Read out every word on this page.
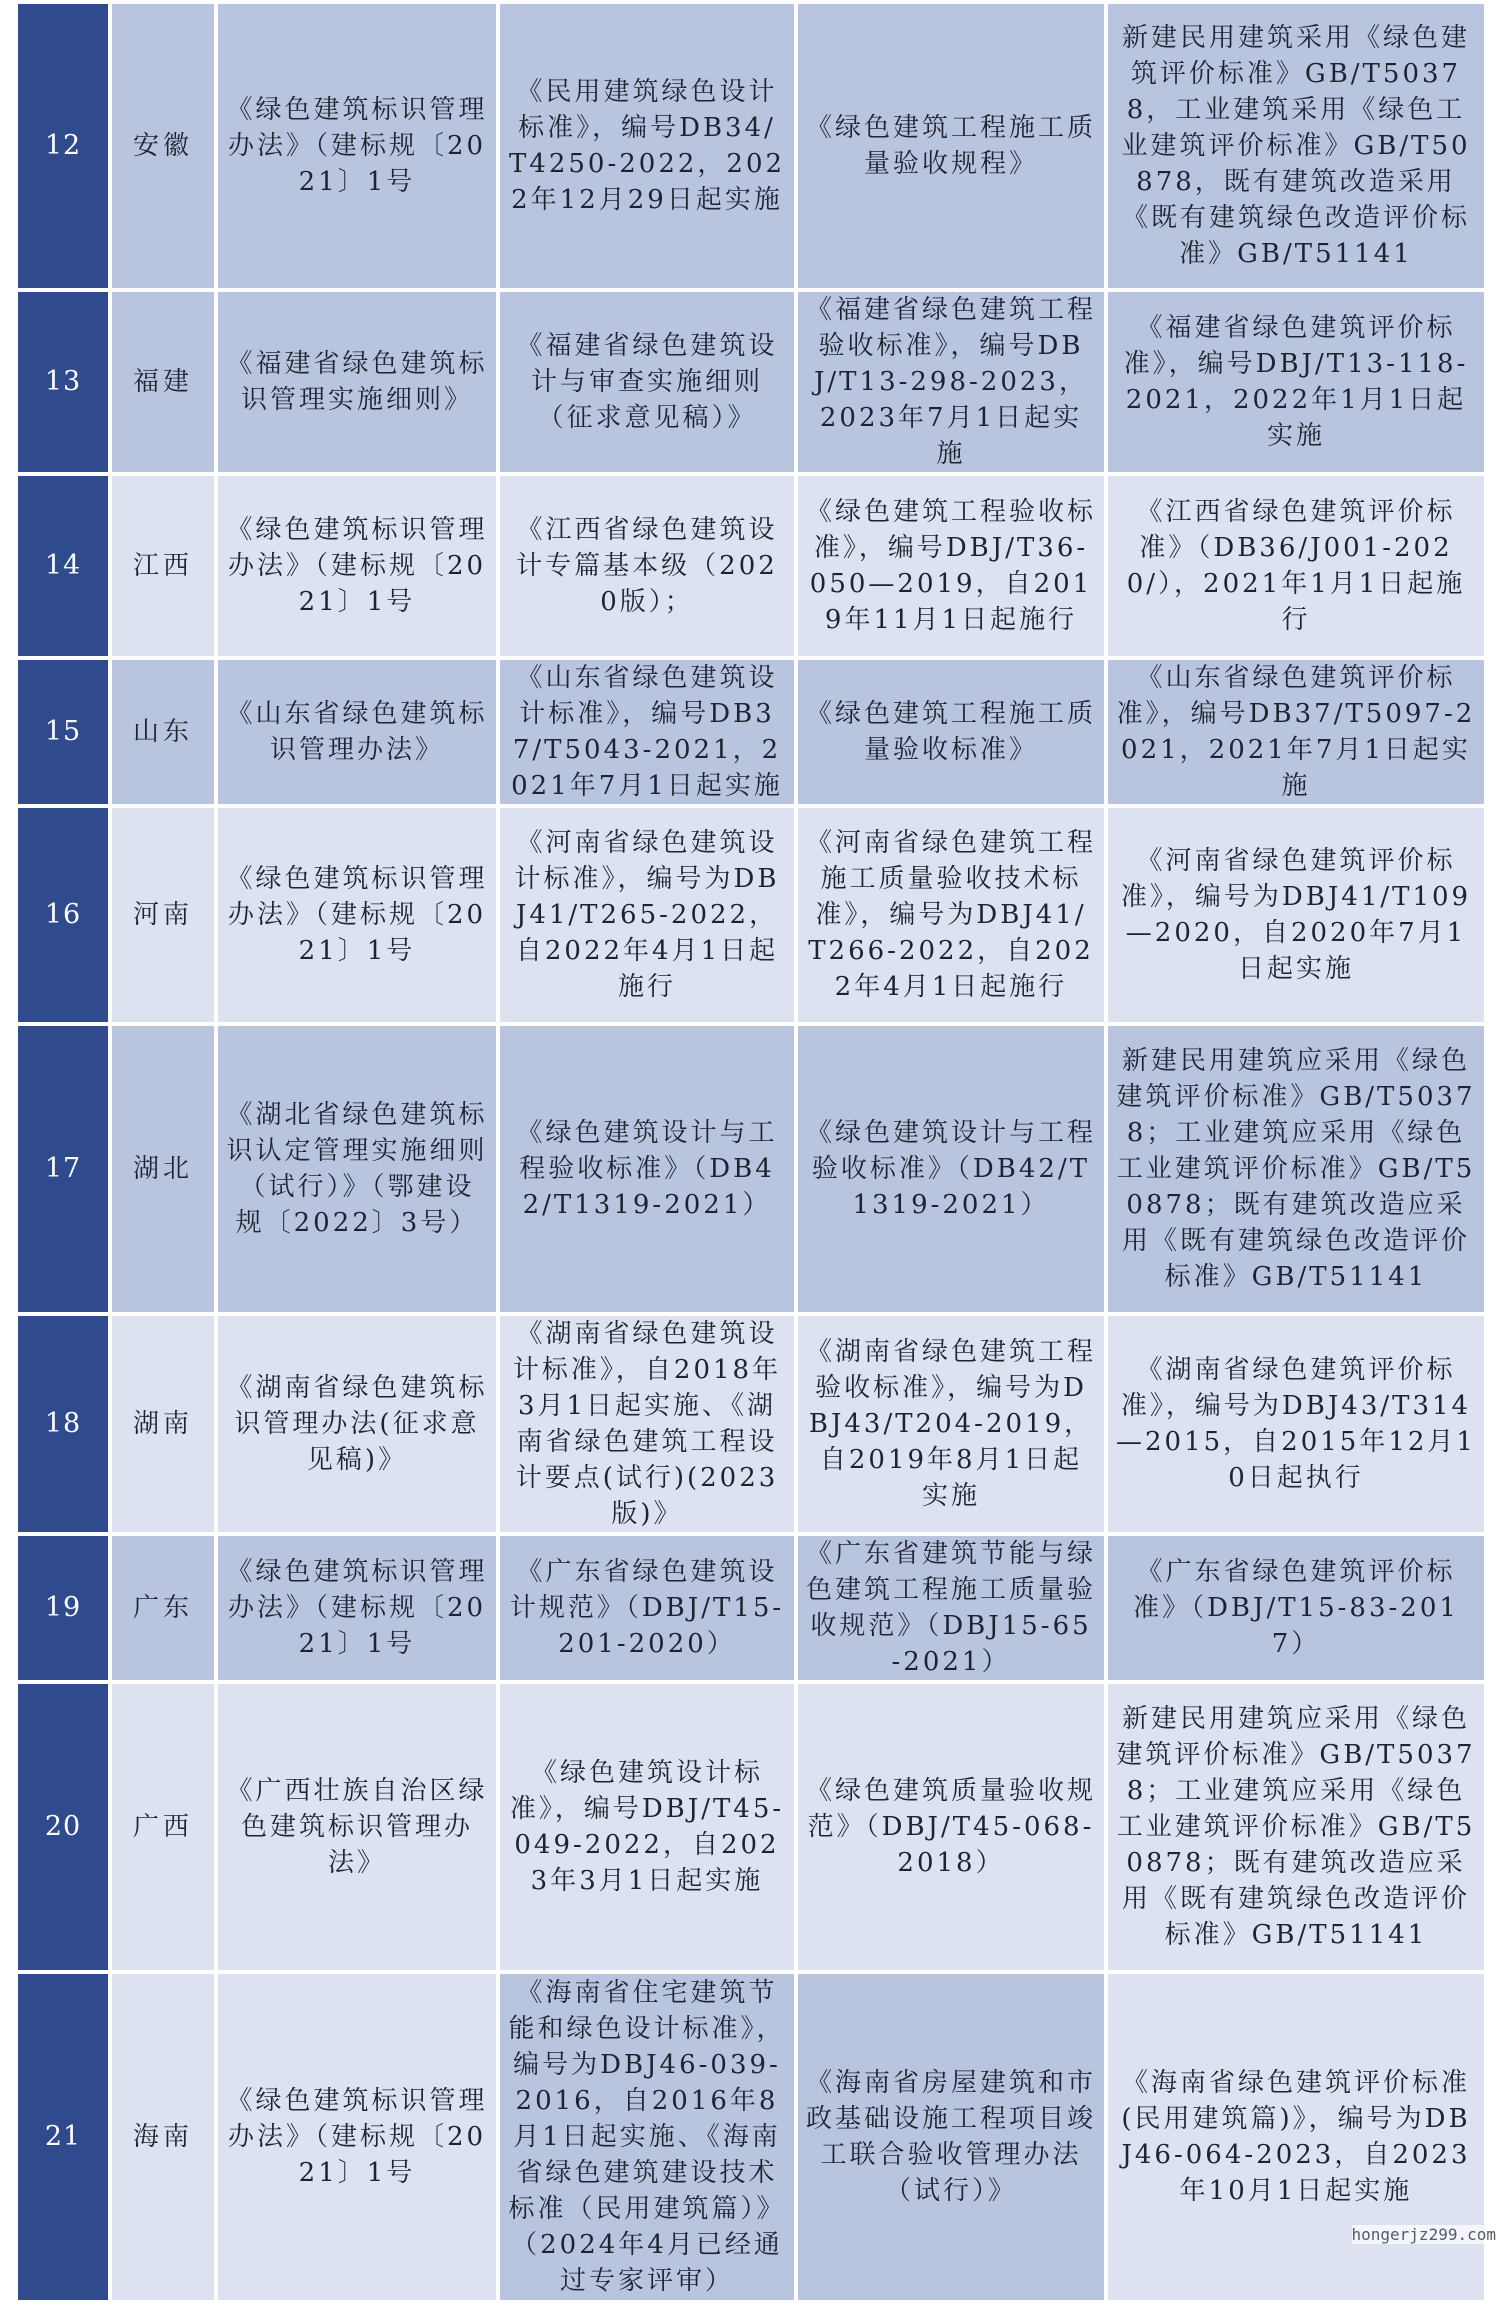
12	安徽	《绿色建筑标识管理办法》（建标规〔2021〕1号	《民用建筑绿色设计标准》，编号DB34/T4250-2022，2022年12月29日起实施	《绿色建筑工程施工质量验收规程》	新建民用建筑采用《绿色建筑评价标准》GB/T50378，工业建筑采用《绿色工业建筑评价标准》GB/T50878，既有建筑改造采用《既有建筑绿色改造评价标准》GB/T51141
13	福建	《福建省绿色建筑标识管理实施细则》	《福建省绿色建筑设计与审查实施细则（征求意见稿）》	《福建省绿色建筑工程验收标准》，编号DBJ/T13-298-2023，2023年7月1日起实施	《福建省绿色建筑评价标准》，编号DBJ/T13-118-2021，2022年1月1日起实施
14	江西	《绿色建筑标识管理办法》（建标规〔2021〕1号	《江西省绿色建筑设计专篇基本级（2020版）；	《绿色建筑工程验收标准》，编号DBJ/T36-050—2019，自2019年11月1日起施行	《江西省绿色建筑评价标准》（DB36/J001-2020/），2021年1月1日起施行
15	山东	《山东省绿色建筑标识管理办法》	《山东省绿色建筑设计标准》，编号DB37/T5043-2021，2021年7月1日起实施	《绿色建筑工程施工质量验收标准》	《山东省绿色建筑评价标准》，编号DB37/T5097-2021，2021年7月1日起实施
16	河南	《绿色建筑标识管理办法》（建标规〔2021〕1号	《河南省绿色建筑设计标准》，编号为DBJ41/T265-2022，自2022年4月1日起施行	《河南省绿色建筑工程施工质量验收技术标准》，编号为DBJ41/T266-2022，自2022年4月1日起施行	《河南省绿色建筑评价标准》，编号为DBJ41/T109—2020，自2020年7月1日起实施
17	湖北	《湖北省绿色建筑标识认定管理实施细则（试行）》（鄂建设规〔2022〕3号）	《绿色建筑设计与工程验收标准》（DB42/T1319-2021）	《绿色建筑设计与工程验收标准》（DB42/T1319-2021）	新建民用建筑应采用《绿色建筑评价标准》GB/T50378；工业建筑应采用《绿色工业建筑评价标准》GB/T50878；既有建筑改造应采用《既有建筑绿色改造评价标准》GB/T51141
18	湖南	《湖南省绿色建筑标识管理办法(征求意见稿)》	《湖南省绿色建筑设计标准》，自2018年3月1日起实施、《湖南省绿色建筑工程设计要点(试行)(2023版)》	《湖南省绿色建筑工程验收标准》，编号为DBJ43/T204-2019，自2019年8月1日起实施	《湖南省绿色建筑评价标准》，编号为DBJ43/T314—2015，自2015年12月10日起执行
19	广东	《绿色建筑标识管理办法》（建标规〔2021〕1号	《广东省绿色建筑设计规范》（DBJ/T15-201-2020）	《广东省建筑节能与绿色建筑工程施工质量验收规范》（DBJ15-65-2021）	《广东省绿色建筑评价标准》（DBJ/T15-83-2017）
20	广西	《广西壮族自治区绿色建筑标识管理办法》	《绿色建筑设计标准》，编号DBJ/T45-049-2022，自2023年3月1日起实施	《绿色建筑质量验收规范》（DBJ/T45-068-2018）	新建民用建筑应采用《绿色建筑评价标准》GB/T50378；工业建筑应采用《绿色工业建筑评价标准》GB/T50878；既有建筑改造应采用《既有建筑绿色改造评价标准》GB/T51141
21	海南	《绿色建筑标识管理办法》（建标规〔2021〕1号	《海南省住宅建筑节能和绿色设计标准》，编号为DBJ46-039-2016，自2016年8月1日起实施、《海南省绿色建筑建设技术标准（民用建筑篇）》（2024年4月已经通过专家评审）	《海南省房屋建筑和市政基础设施工程项目竣工联合验收管理办法（试行）》	《海南省绿色建筑评价标准(民用建筑篇)》，编号为DBJ46-064-2023，自2023年10月1日起实施
hongerjz299.com
